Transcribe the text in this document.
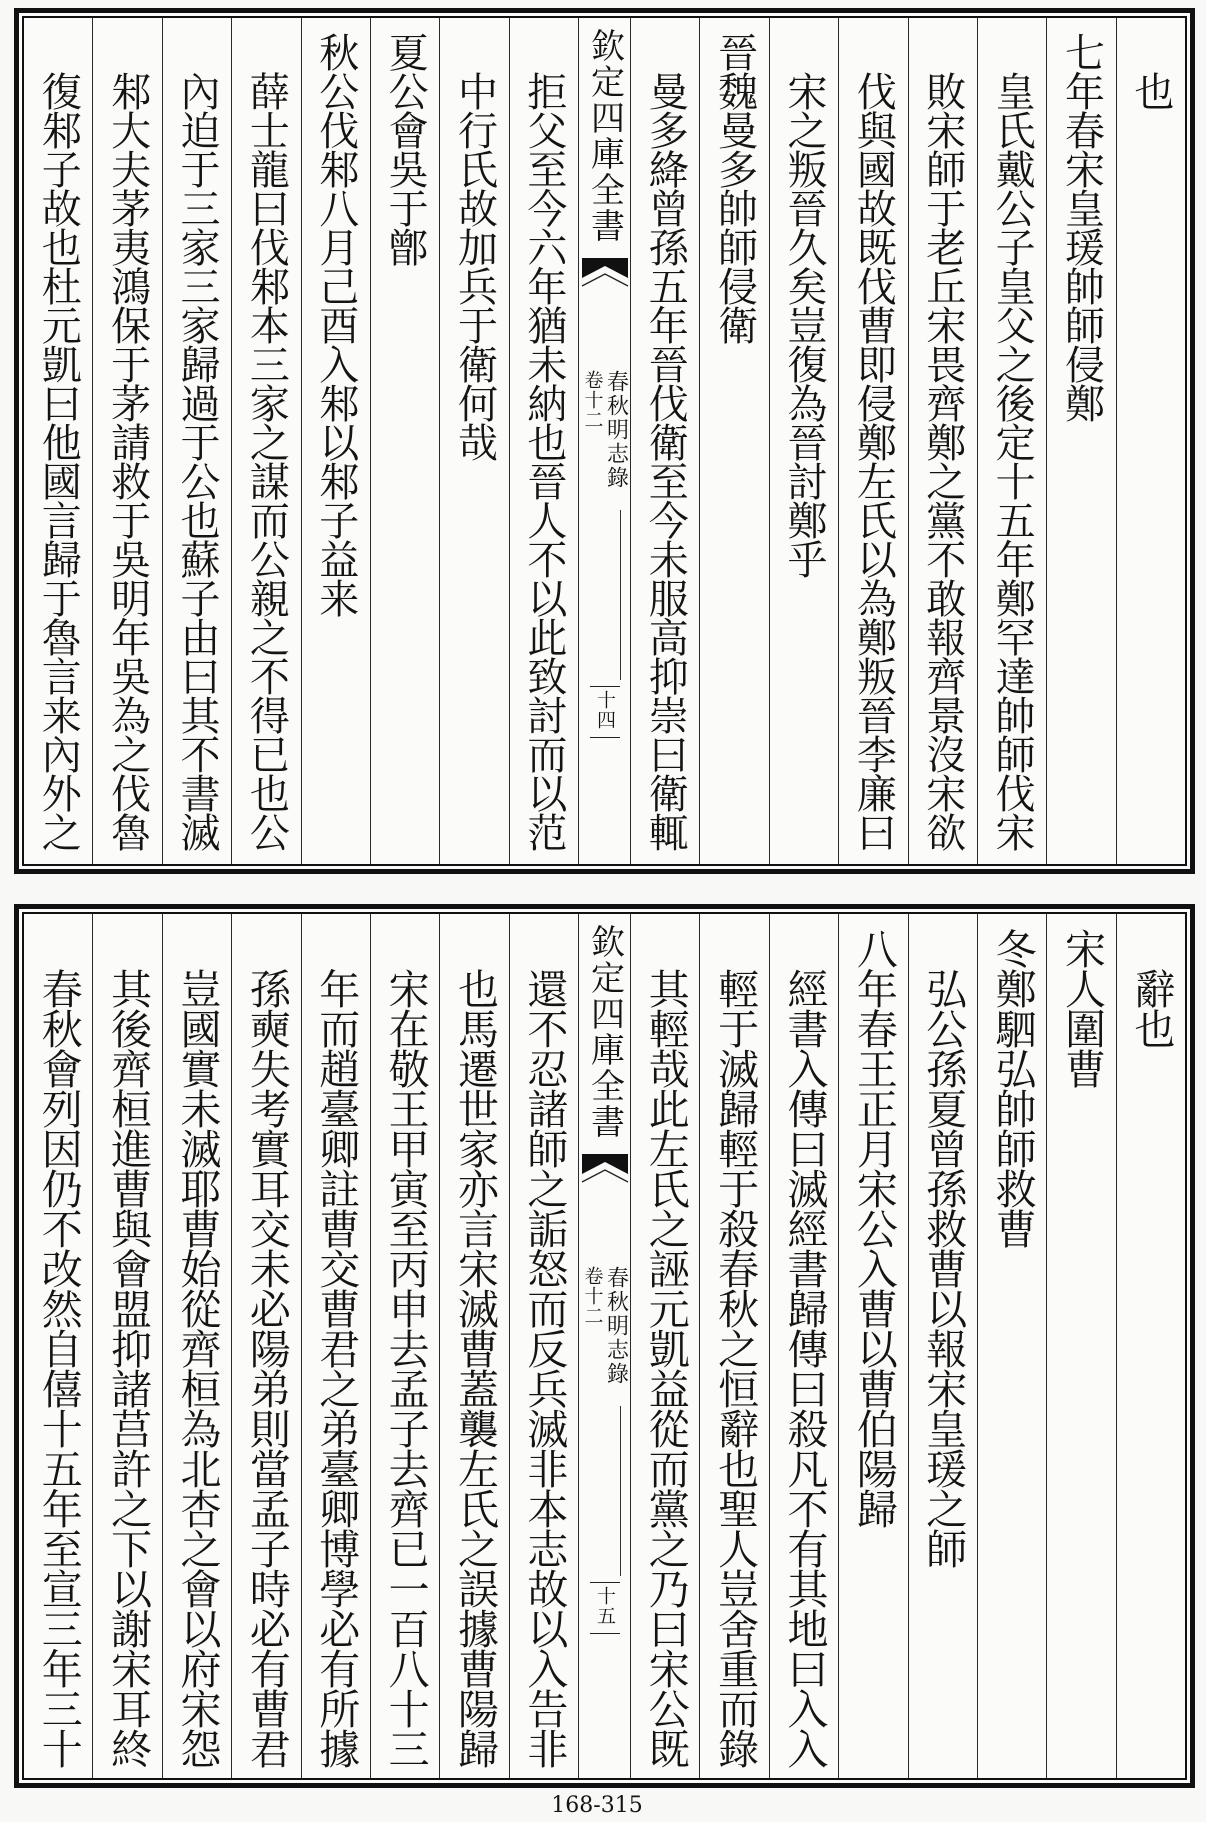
也
七年春宋皇瑗帥師侵鄭
皇氏戴公子皇父之後定十五年鄭罕達帥師伐宋
敗宋師于老丘宋畏齊鄭之黨不敢報齊景沒宋欲
伐與國故既伐曹即侵鄭左氏以為鄭叛晉李廉曰
宋之叛晉久矣豈復為晉討鄭乎
晉魏曼多帥師侵衛
曼多絳曾孫五年晉伐衛至今未服高抑崇曰衛輒
欽定四庫全書
春秋明志錄
卷十二
十四
拒父至今六年猶未納也晉人不以此致討而以范
中行氏故加兵于衛何哉
夏公會吳于鄫
秋公伐邾八月己酉入邾以邾子益来
薛士龍曰伐邾本三家之謀而公親之不得已也公
內迫于三家三家歸過于公也蘇子由曰其不書滅
邾大夫茅夷鴻保于茅請救于吳明年吳為之伐魯
復邾子故也杜元凱曰他國言歸于魯言来內外之
辭也
宋人圍曹
冬鄭駟弘帥師救曹
弘公孫夏曾孫救曹以報宋皇瑗之師
八年春王正月宋公入曹以曹伯陽歸
經書入傳曰滅經書歸傳曰殺凡不有其地曰入入
輕于滅歸輕于殺春秋之恒辭也聖人豈舍重而錄
其輕哉此左氏之誣元凱益從而黨之乃曰宋公既
欽定四庫全書
春秋明志錄
卷十二
十五
還不忍諸師之詬怒而反兵滅非本志故以入告非
也馬遷世家亦言宋滅曹蓋襲左氏之誤據曹陽歸
宋在敬王甲寅至丙申去孟子去齊已一百八十三
年而趙臺卿註曹交曹君之弟臺卿博學必有所據
孫奭失考實耳交未必陽弟則當孟子時必有曹君
豈國實未滅耶曹始從齊桓為北杏之會以府宋怨
其後齊桓進曹與會盟抑諸莒許之下以謝宋耳終
春秋會列因仍不改然自僖十五年至宣三年三十
168-315
